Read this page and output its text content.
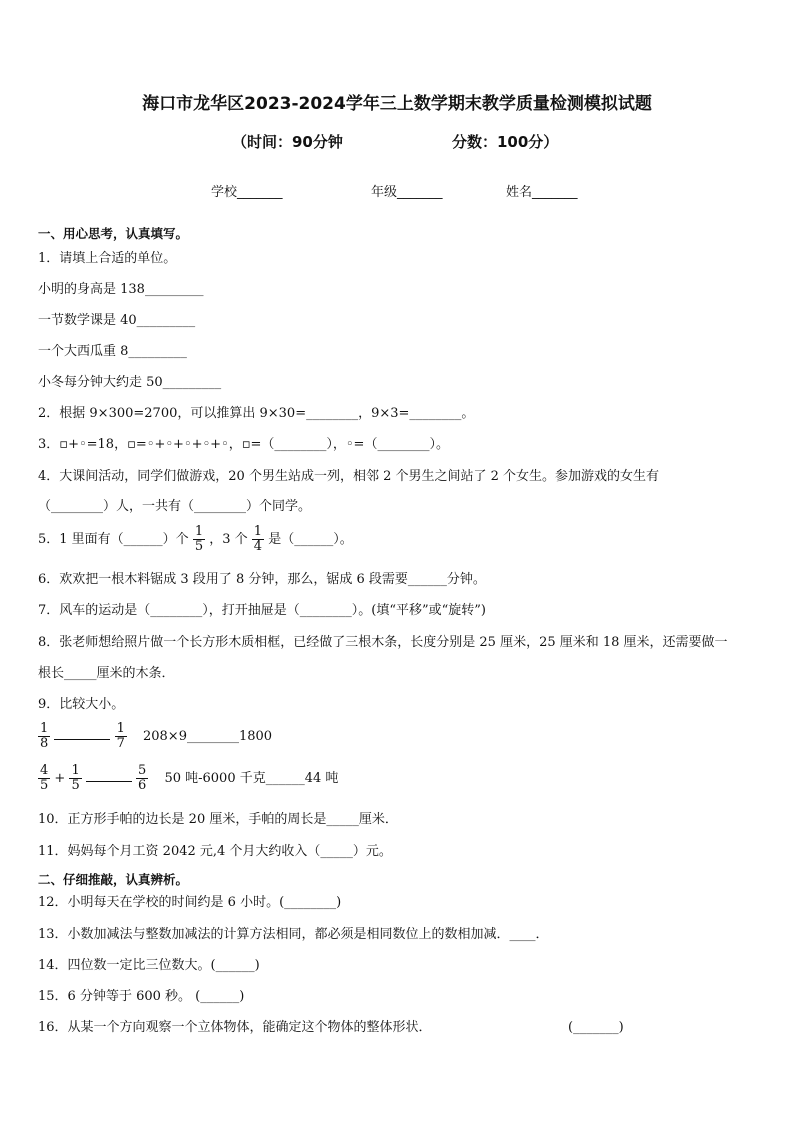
海口市龙华区2023-2024学年三上数学期末教学质量检测模拟试题
（时间：90分钟	分数：100分）
学校_______	年级_______	姓名_______
一、用心思考，认真填写。
1．请填上合适的单位。
小明的身高是 138_________
一节数学课是 40_________
一个大西瓜重 8_________
小冬每分钟大约走 50_________
2．根据 9×300=2700，可以推算出 9×30=________，9×3=________。
3．▫+◦=18，▫=◦+◦+◦+◦+◦，▫=（________），◦=（________）。
4．大课间活动，同学们做游戏，20 个男生站成一列，相邻 2 个男生之间站了 2 个女生。参加游戏的女生有
（________）人，一共有（________）个同学。
5．1 里面有（______）个 $\frac{1}{5}$ ，3 个 $\frac{1}{4}$ 是（______）。
6．欢欢把一根木料锯成 3 段用了 8 分钟，那么，锯成 6 段需要______分钟。
7．风车的运动是（________），打开抽屉是（________）。(填“平移”或“旋转”)
8．张老师想给照片做一个长方形木质相框，已经做了三根木条，长度分别是 25 厘米，25 厘米和 18 厘米，还需要做一
根长_____厘米的木条．
9．比较大小。
$\frac{1}{8}$
	$\frac{1}{7}$ 208×9________1800
$\frac{4}{5} + \frac{1}{5}$
	$\frac{5}{6} 50$ 吨-6000 千克______44 吨
10．正方形手帕的边长是 20 厘米，手帕的周长是_____厘米．
11．妈妈每个月工资 2042 元,4 个月大约收入（_____）元。
二、仔细推敲，认真辨析。
12．小明每天在学校的时间约是 6 小时。(________)
13．小数加减法与整数加减法的计算方法相同，都必须是相同数位上的数相加减．____．
14．四位数一定比三位数大。(______)
15．6 分钟等于 600 秒。 (______)
16．从某一个方向观察一个立体物体，能确定这个物体的整体形状．	(_______)
